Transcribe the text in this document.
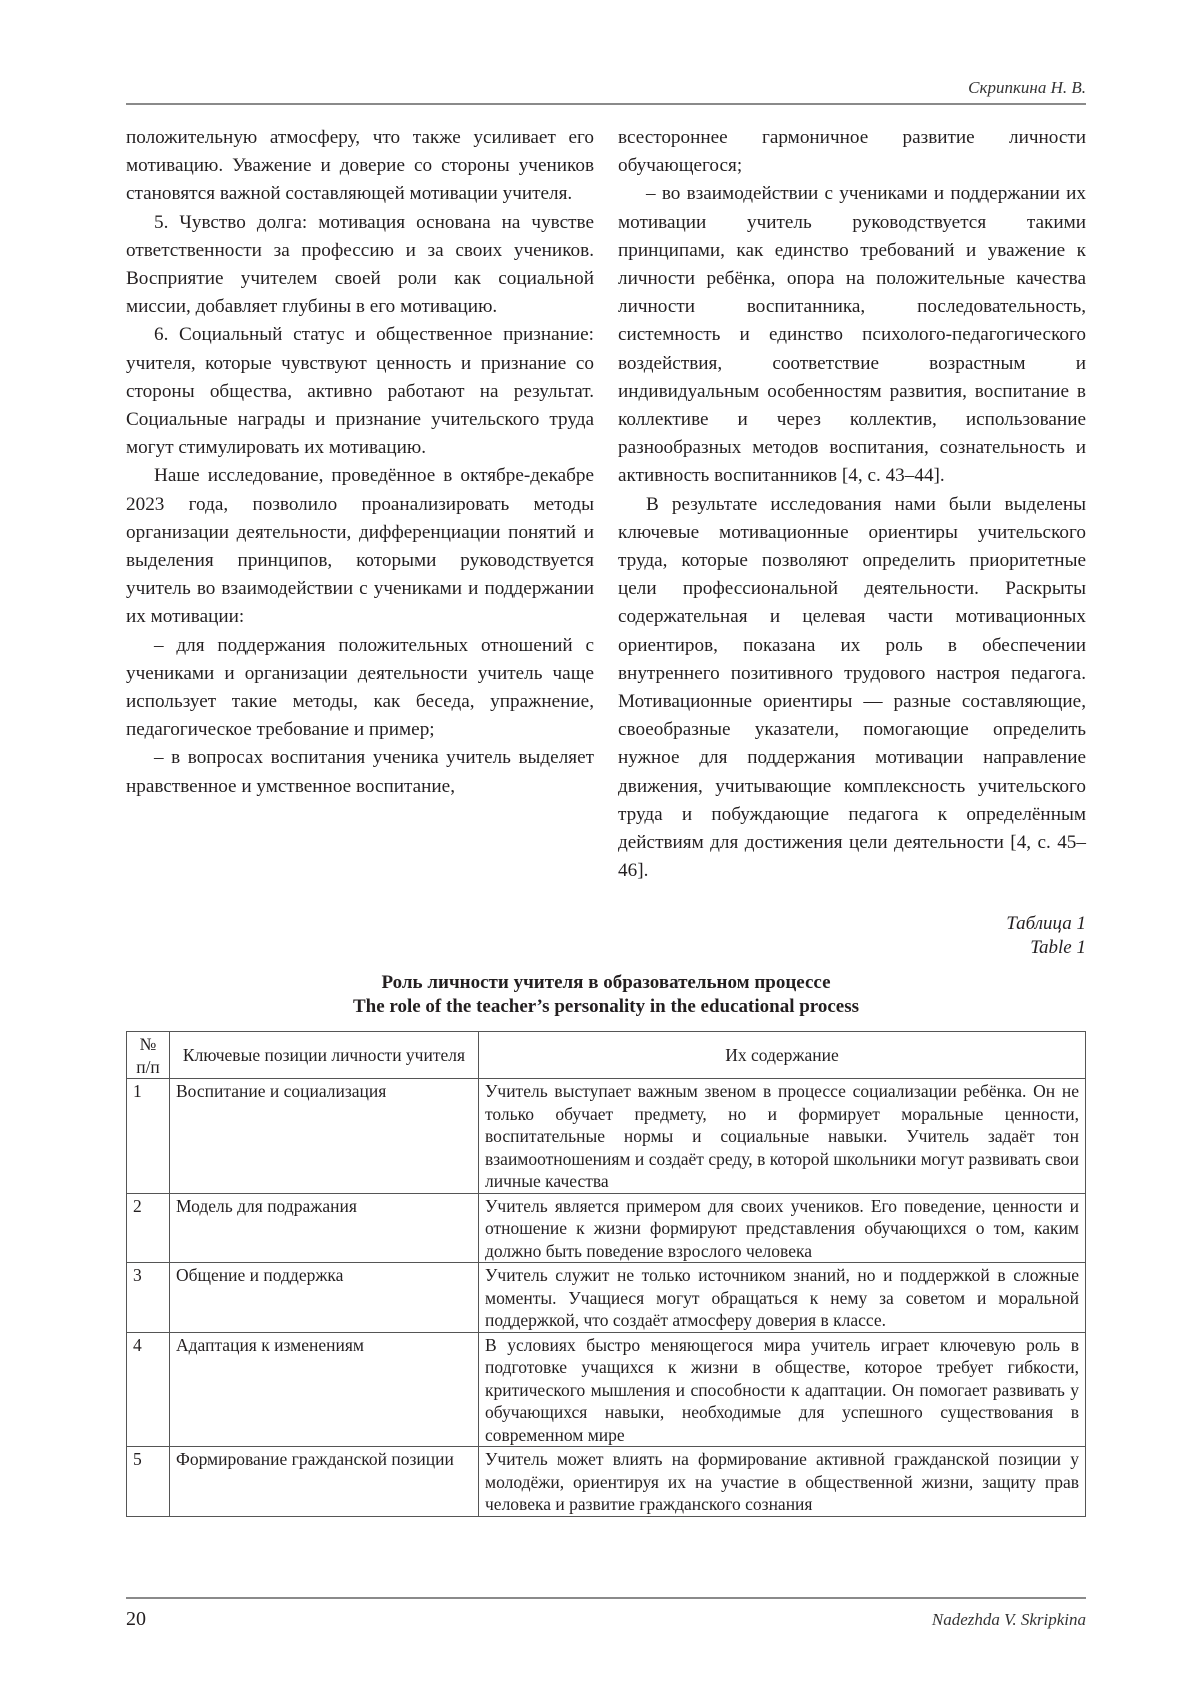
Скрипкина Н. В.

положительную атмосферу, что также усиливает его мотивацию. Уважение и доверие со стороны учеников становятся важной составляющей мотивации учителя.

5. Чувство долга: мотивация основана на чувстве ответственности за профессию и за своих учеников. Восприятие учителем своей роли как социальной миссии, добавляет глубины в его мотивацию.

6. Социальный статус и общественное признание: учителя, которые чувствуют ценность и признание со стороны общества, активно работают на результат. Социальные награды и признание учительского труда могут стимулировать их мотивацию.

Наше исследование, проведённое в октябре-декабре 2023 года, позволило проанализировать методы организации деятельности, дифференциации понятий и выделения принципов, которыми руководствуется учитель во взаимодействии с учениками и поддержании их мотивации:

– для поддержания положительных отношений с учениками и организации деятельности учитель чаще использует такие методы, как беседа, упражнение, педагогическое требование и пример;

– в вопросах воспитания ученика учитель выделяет нравственное и умственное воспитание,

всестороннее гармоничное развитие личности обучающегося;

– во взаимодействии с учениками и поддержании их мотивации учитель руководствуется такими принципами, как единство требований и уважение к личности ребёнка, опора на положительные качества личности воспитанника, последовательность, системность и единство психолого-педагогического воздействия, соответствие возрастным и индивидуальным особенностям развития, воспитание в коллективе и через коллектив, использование разнообразных методов воспитания, сознательность и активность воспитанников [4, с. 43–44].

В результате исследования нами были выделены ключевые мотивационные ориентиры учительского труда, которые позволяют определить приоритетные цели профессиональной деятельности. Раскрыты содержательная и целевая части мотивационных ориентиров, показана их роль в обеспечении внутреннего позитивного трудового настроя педагога. Мотивационные ориентиры — разные составляющие, своеобразные указатели, помогающие определить нужное для поддержания мотивации направление движения, учитывающие комплексность учительского труда и побуждающие педагога к определённым действиям для достижения цели деятельности [4, с. 45–46].

Таблица 1
Table 1
Роль личности учителя в образовательном процессе
The role of the teacher’s personality in the educational process
№ п/п	Ключевые позиции личности учителя	Их содержание
1	Воспитание и социализация	Учитель выступает важным звеном в процессе социализации ребёнка. Он не только обучает предмету, но и формирует моральные ценности, воспитательные нормы и социальные навыки. Учитель задаёт тон взаимоотношениям и создаёт среду, в которой школьники могут развивать свои личные качества
2	Модель для подражания	Учитель является примером для своих учеников. Его поведение, ценности и отношение к жизни формируют представления обучающихся о том, каким должно быть поведение взрослого человека
3	Общение и поддержка	Учитель служит не только источником знаний, но и поддержкой в сложные моменты. Учащиеся могут обращаться к нему за советом и моральной поддержкой, что создаёт атмосферу доверия в классе.
4	Адаптация к изменениям	В условиях быстро меняющегося мира учитель играет ключевую роль в подготовке учащихся к жизни в обществе, которое требует гибкости, критического мышления и способности к адаптации. Он помогает развивать у обучающихся навыки, необходимые для успешного существования в современном мире
5	Формирование гражданской позиции	Учитель может влиять на формирование активной гражданской позиции у молодёжи, ориентируя их на участие в общественной жизни, защиту прав человека и развитие гражданского сознания
20	Nadezhda V. Skripkina
